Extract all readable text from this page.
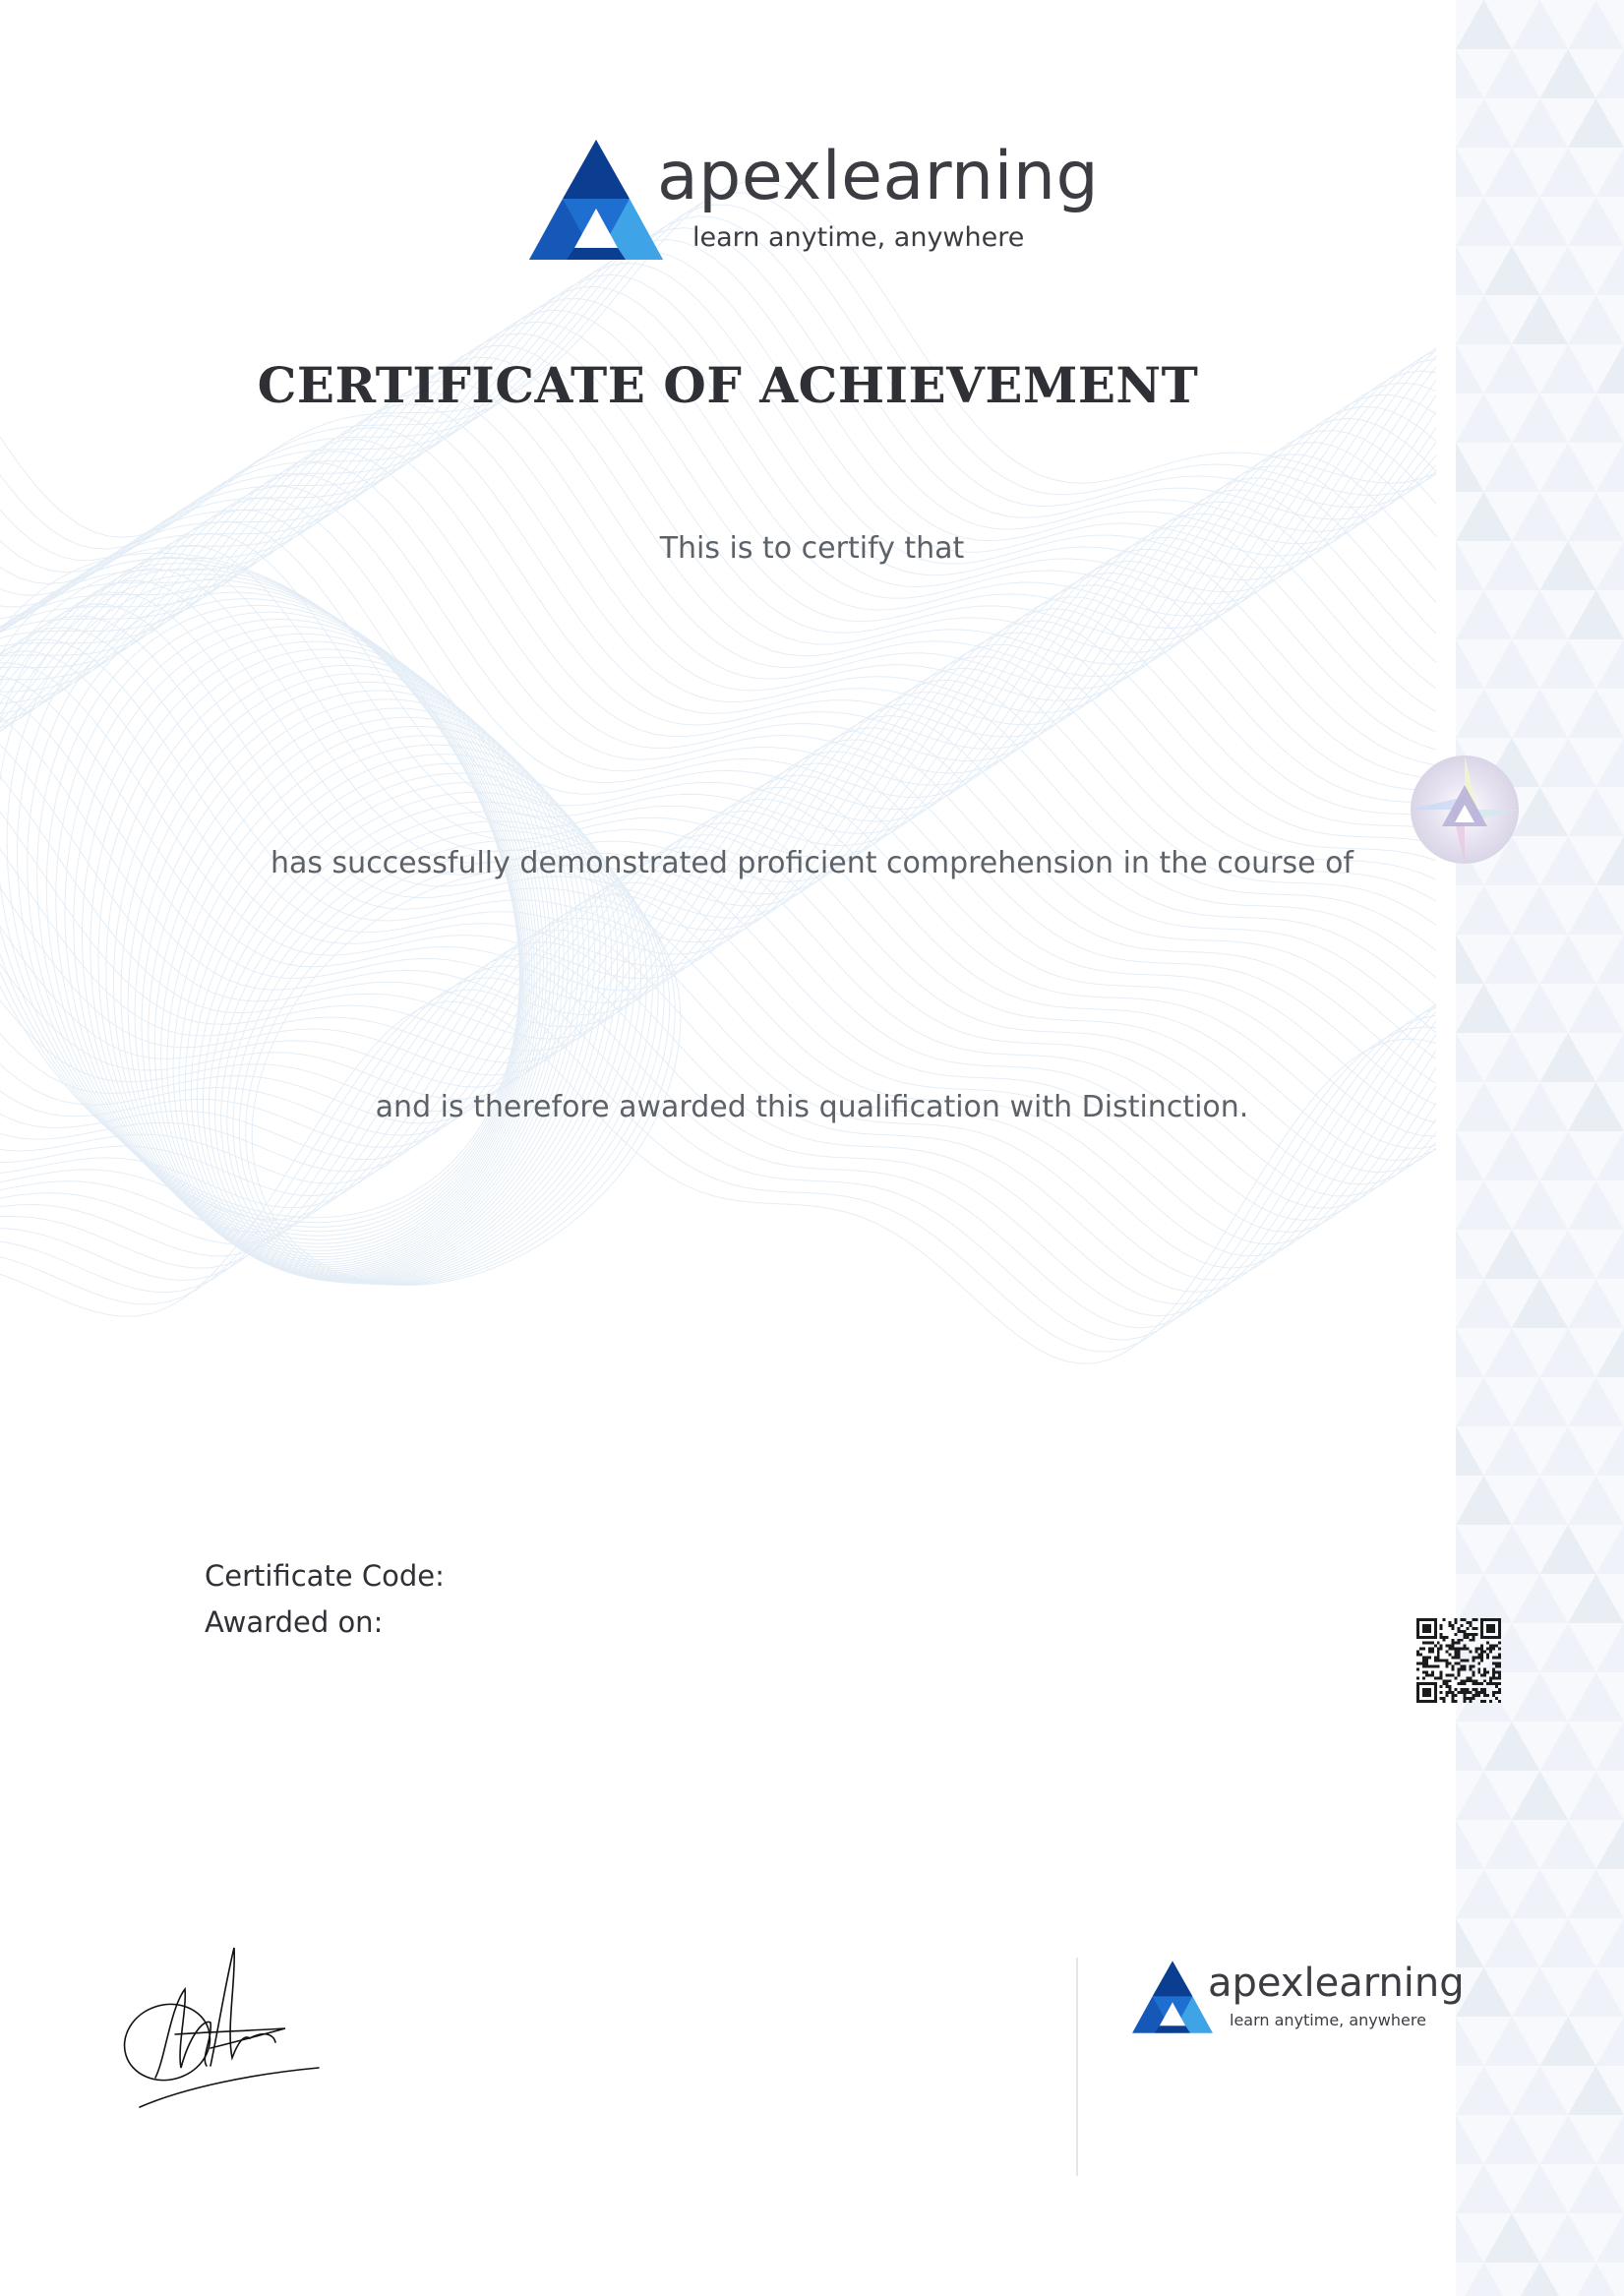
apexlearning
learn anytime, anywhere
CERTIFICATE OF ACHIEVEMENT
This is to certify that
has successfully demonstrated proficient comprehension in the course of
and is therefore awarded this qualification with Distinction.
Certificate Code:
Awarded on:
apexlearning
learn anytime, anywhere
